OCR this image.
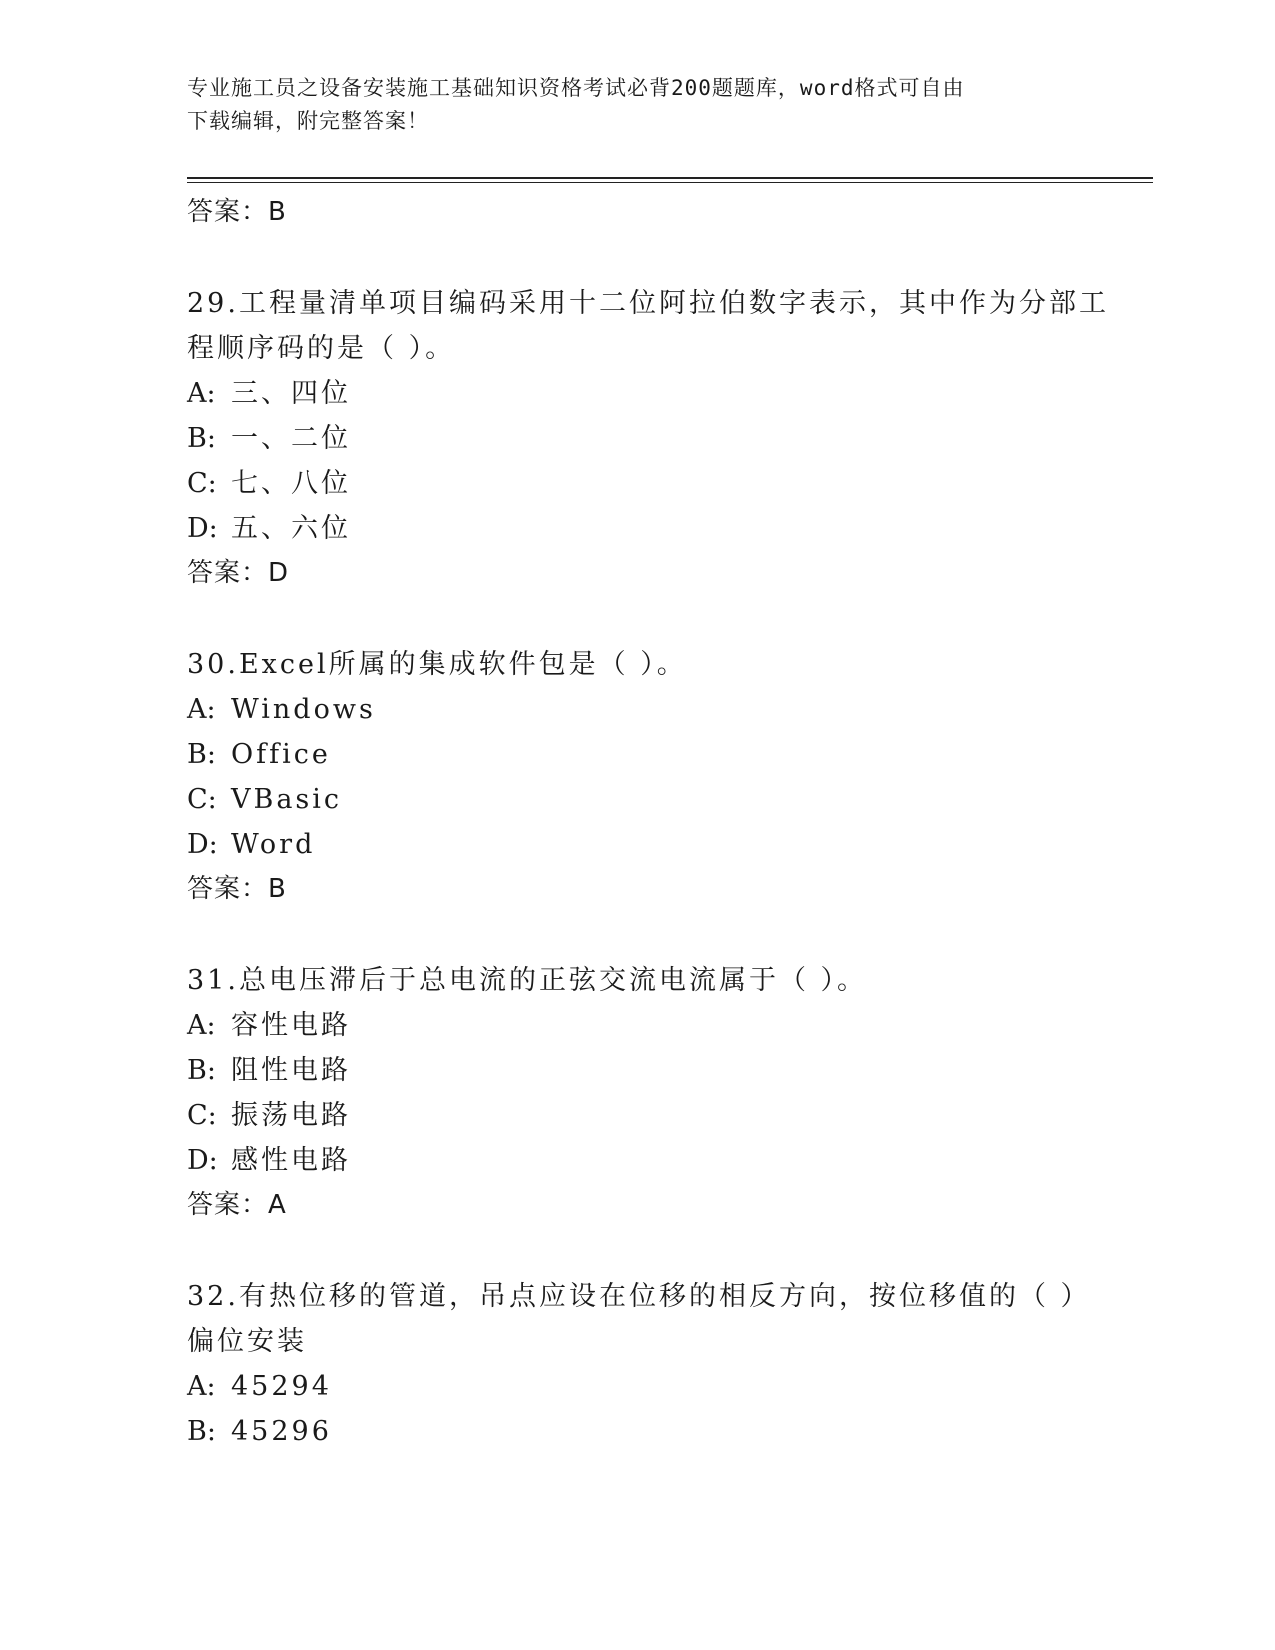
专业施工员之设备安装施工基础知识资格考试必背200题题库，word格式可自由
下载编辑，附完整答案！
答案：B
29.工程量清单项目编码采用十二位阿拉伯数字表示，其中作为分部工
程顺序码的是（ ）。
A: 三、四位
B: 一、二位
C: 七、八位
D: 五、六位
答案：D
30.Excel所属的集成软件包是（ ）。
A: Windows
B: Office
C: VBasic
D: Word
答案：B
31.总电压滞后于总电流的正弦交流电流属于（ ）。
A: 容性电路
B: 阻性电路
C: 振荡电路
D: 感性电路
答案：A
32.有热位移的管道，吊点应设在位移的相反方向，按位移值的（ ）
偏位安装
A: 45294
B: 45296
